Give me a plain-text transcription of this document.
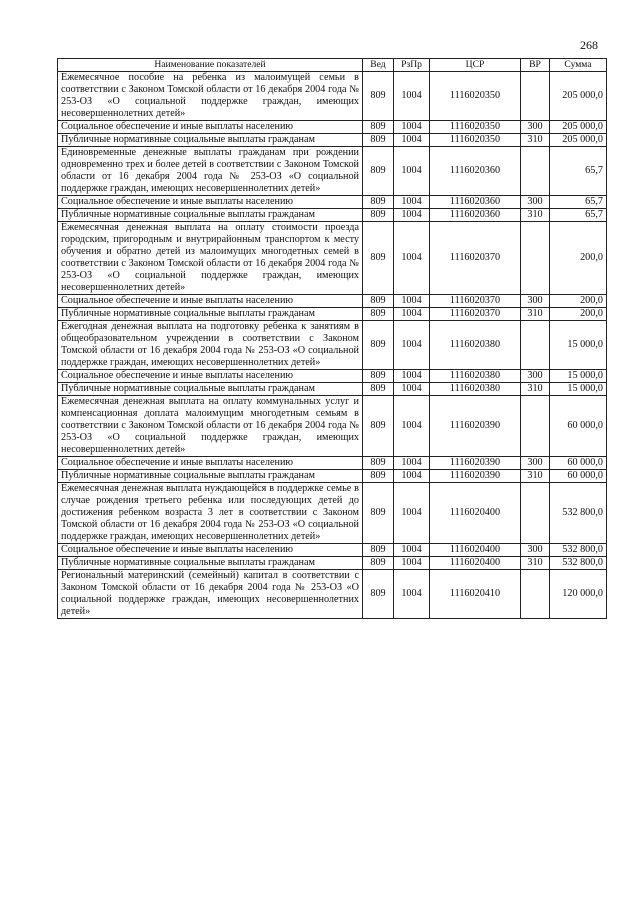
268
Наименование показателей	Вед	РзПр	ЦСР	ВР	Сумма
Ежемесячное пособие на ребенка из малоимущей семьи в соответствии с Законом Томской области от 16 декабря 2004 года № 253-ОЗ «О социальной поддержке граждан, имеющих несовершеннолетних детей»	809	1004	1116020350		205 000,0
Социальное обеспечение и иные выплаты населению	809	1004	1116020350	300	205 000,0
Публичные нормативные социальные выплаты гражданам	809	1004	1116020350	310	205 000,0
Единовременные денежные выплаты гражданам при рождении одновременно трех и более детей в соответствии с Законом Томской области от 16 декабря 2004 года № 253-ОЗ «О социальной поддержке граждан, имеющих несовершеннолетних детей»	809	1004	1116020360		65,7
Социальное обеспечение и иные выплаты населению	809	1004	1116020360	300	65,7
Публичные нормативные социальные выплаты гражданам	809	1004	1116020360	310	65,7
Ежемесячная денежная выплата на оплату стоимости проезда городским, пригородным и внутрирайонным транспортом к месту обучения и обратно детей из малоимущих многодетных семей в соответствии с Законом Томской области от 16 декабря 2004 года № 253-ОЗ «О социальной поддержке граждан, имеющих несовершеннолетних детей»	809	1004	1116020370		200,0
Социальное обеспечение и иные выплаты населению	809	1004	1116020370	300	200,0
Публичные нормативные социальные выплаты гражданам	809	1004	1116020370	310	200,0
Ежегодная денежная выплата на подготовку ребенка к занятиям в общеобразовательном учреждении в соответствии с Законом Томской области от 16 декабря 2004 года № 253-ОЗ «О социальной поддержке граждан, имеющих несовершеннолетних детей»	809	1004	1116020380		15 000,0
Социальное обеспечение и иные выплаты населению	809	1004	1116020380	300	15 000,0
Публичные нормативные социальные выплаты гражданам	809	1004	1116020380	310	15 000,0
Ежемесячная денежная выплата на оплату коммунальных услуг и компенсационная доплата малоимущим многодетным семьям в соответствии с Законом Томской области от 16 декабря 2004 года № 253-ОЗ «О социальной поддержке граждан, имеющих несовершеннолетних детей»	809	1004	1116020390		60 000,0
Социальное обеспечение и иные выплаты населению	809	1004	1116020390	300	60 000,0
Публичные нормативные социальные выплаты гражданам	809	1004	1116020390	310	60 000,0
Ежемесячная денежная выплата нуждающейся в поддержке семье в случае рождения третьего ребенка или последующих детей до достижения ребенком возраста 3 лет в соответствии с Законом Томской области от 16 декабря 2004 года № 253-ОЗ «О социальной поддержке граждан, имеющих несовершеннолетних детей»	809	1004	1116020400		532 800,0
Социальное обеспечение и иные выплаты населению	809	1004	1116020400	300	532 800,0
Публичные нормативные социальные выплаты гражданам	809	1004	1116020400	310	532 800,0
Региональный материнский (семейный) капитал в соответствии с Законом Томской области от 16 декабря 2004 года № 253-ОЗ «О социальной поддержке граждан, имеющих несовершеннолетних детей»	809	1004	1116020410		120 000,0
